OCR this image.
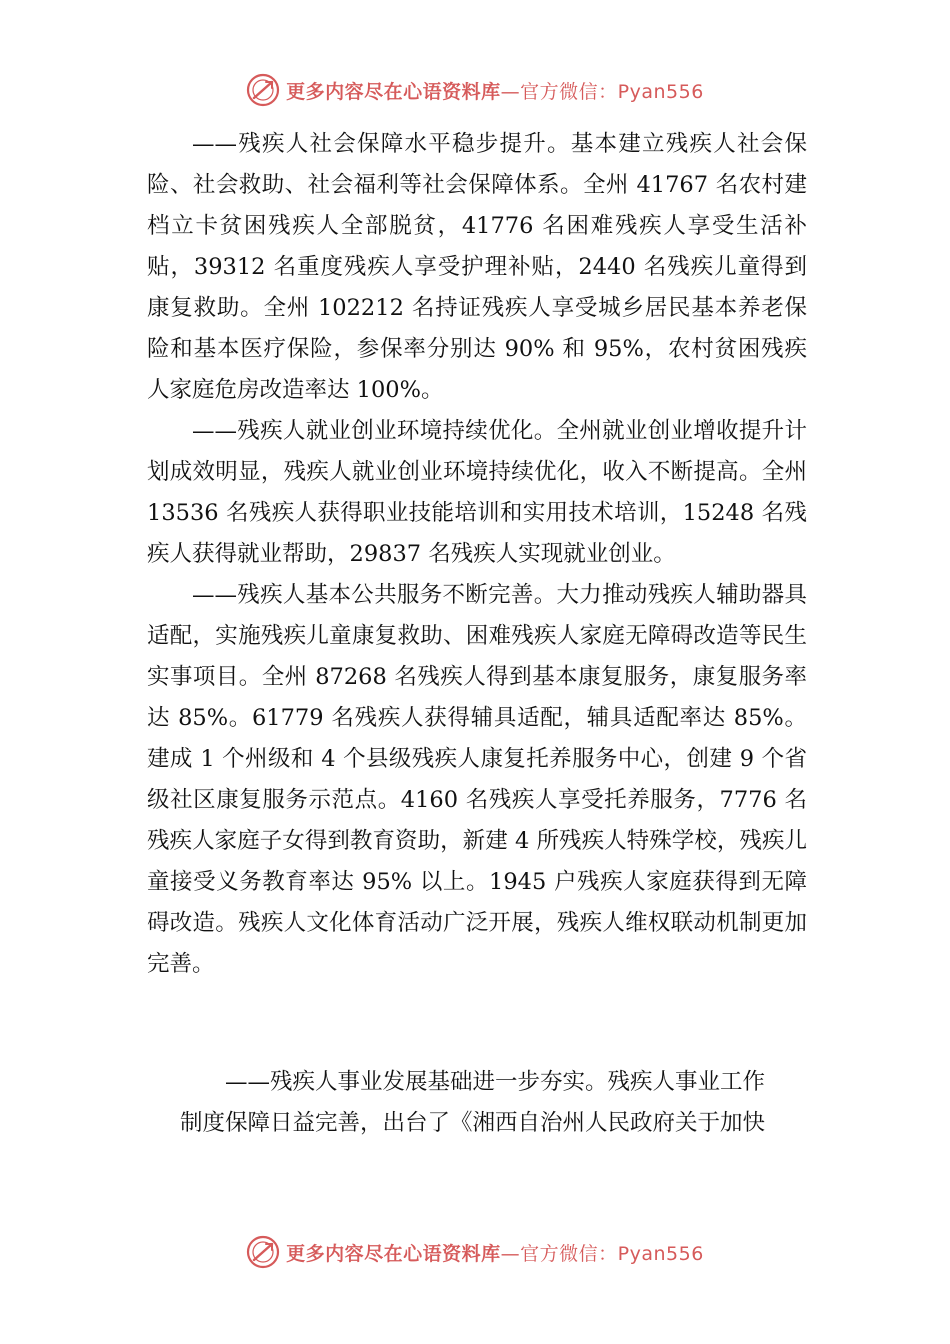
更多内容尽在心语资料库—官方微信：Pyan556

——残疾人社会保障水平稳步提升。基本建立残疾人社会保险、社会救助、社会福利等社会保障体系。全州 41767 名农村建档立卡贫困残疾人全部脱贫，41776 名困难残疾人享受生活补贴，39312 名重度残疾人享受护理补贴，2440 名残疾儿童得到康复救助。全州 102212 名持证残疾人享受城乡居民基本养老保险和基本医疗保险，参保率分别达 90% 和 95%，农村贫困残疾人家庭危房改造率达 100%。

——残疾人就业创业环境持续优化。全州就业创业增收提升计划成效明显，残疾人就业创业环境持续优化，收入不断提高。全州 13536 名残疾人获得职业技能培训和实用技术培训，15248 名残疾人获得就业帮助，29837 名残疾人实现就业创业。

——残疾人基本公共服务不断完善。大力推动残疾人辅助器具适配，实施残疾儿童康复救助、困难残疾人家庭无障碍改造等民生实事项目。全州 87268 名残疾人得到基本康复服务，康复服务率达 85%。61779 名残疾人获得辅具适配，辅具适配率达 85%。建成 1 个州级和 4 个县级残疾人康复托养服务中心，创建 9 个省级社区康复服务示范点。4160 名残疾人享受托养服务，7776 名残疾人家庭子女得到教育资助，新建 4 所残疾人特殊学校，残疾儿童接受义务教育率达 95% 以上。1945 户残疾人家庭获得到无障碍改造。残疾人文化体育活动广泛开展，残疾人维权联动机制更加完善。

——残疾人事业发展基础进一步夯实。残疾人事业工作
制度保障日益完善，出台了《湘西自治州人民政府关于加快
更多内容尽在心语资料库—官方微信：Pyan556
